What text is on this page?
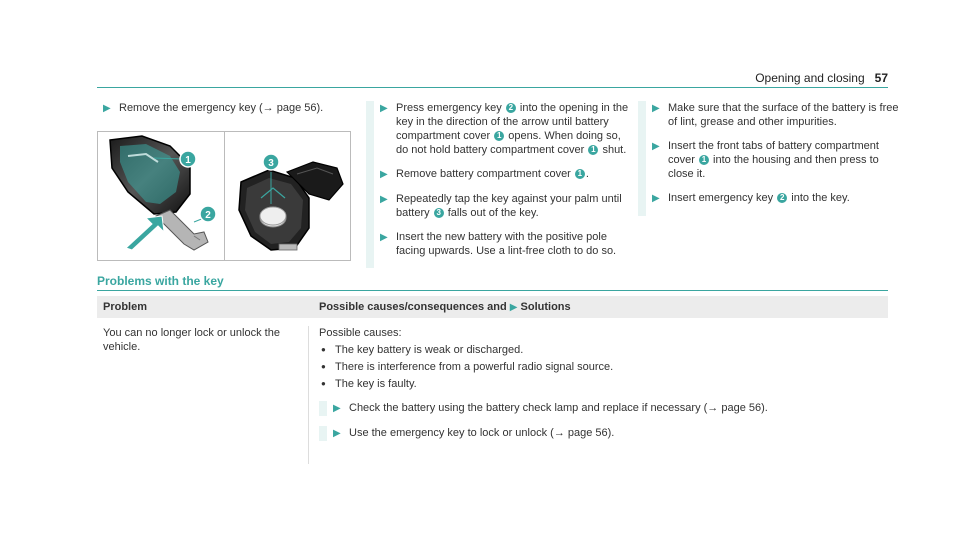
Opening and closing 57
▶ Remove the emergency key (→ page 56).
1
2
3
▶ Press emergency key 2 into the opening in the key in the direction of the arrow until battery compartment cover 1 opens. When doing so, do not hold battery compartment cover 1 shut.
▶ Remove battery compartment cover 1 .
▶ Repeatedly tap the key against your palm until battery 3 falls out of the key.
▶ Insert the new battery with the positive pole facing upwards. Use a lint-free cloth to do so.
▶ Make sure that the surface of the battery is free of lint, grease and other impurities.
▶ Insert the front tabs of battery compartment cover 1 into the housing and then press to close it.
▶ Insert emergency key 2 into the key.
Problems with the key
Problem	Possible causes/consequences and ▶ Solutions
You can no longer lock or unlock the vehicle.
Possible causes:
● The key battery is weak or discharged.
● There is interference from a powerful radio signal source.
● The key is faulty.
▶ Check the battery using the battery check lamp and replace if necessary (→ page 56).
▶ Use the emergency key to lock or unlock (→ page 56).
